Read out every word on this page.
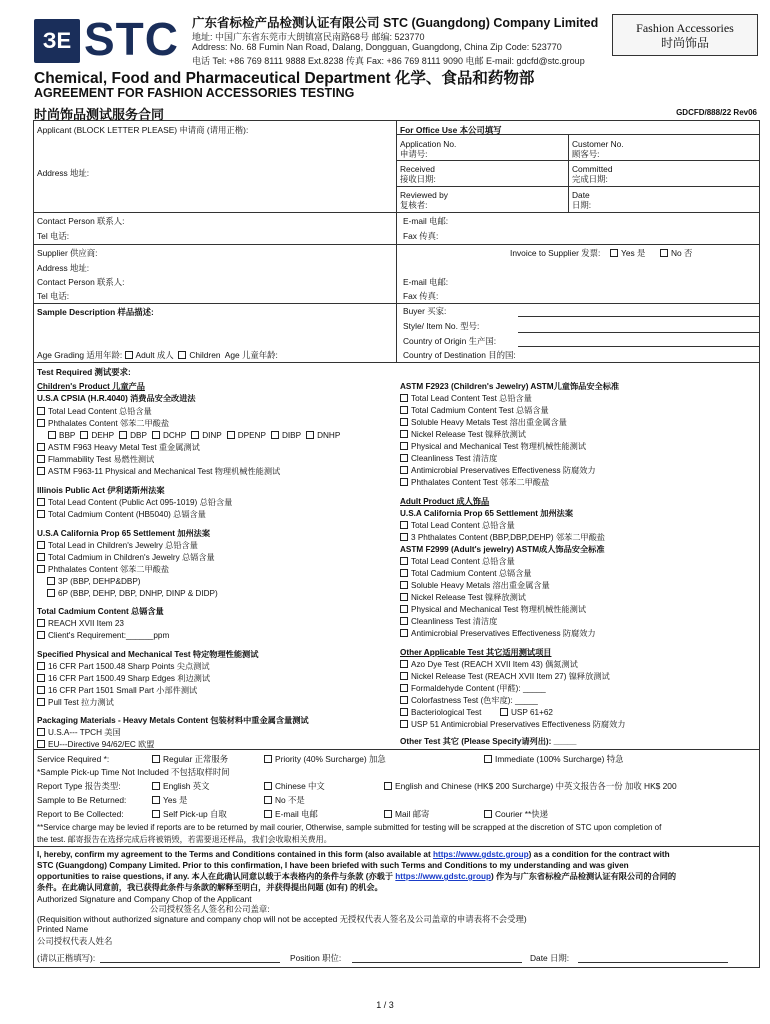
ЗЕ STC 广东省标检产品检测认证有限公司 STC (Guangdong) Company Limited
地址: 中国广东省东莞市大朗镇富民南路68号 邮编: 523770
Address: No. 68 Fumin Nan Road, Dalang, Dongguan, Guangdong, China Zip Code: 523770
电话 Tel: +86 769 8111 9888 Ext.8238 传真 Fax: +86 769 8111 9090 电邮 E-mail: gdcfd@stc.group
Fashion Accessories
时尚饰品
Chemical, Food and Pharmaceutical Department 化学、食品和药物部
AGREEMENT FOR FASHION ACCESSORIES TESTING
时尚饰品测试服务合同	GDCFD/888/22 Rev06
Applicant (BLOCK LETTER PLEASE) 申请商 (请用正楷):
Address 地址:
Contact Person 联系人:
Tel 电话:
E-mail 电邮:
Fax 传真:
Supplier 供应商:	Invoice to Supplier 发票:	Yes 是	No 否
Address 地址:
Contact Person 联系人:
Tel 电话:
E-mail 电邮:
Fax 传真:
Sample Description 样品描述:	Buyer 买家:
Style/ Item No. 型号:
Country of Origin 生产国:
Country of Destination 目的国:
Age Grading 适用年龄: Adult 成人 Children Age 儿童年龄:
For Office Use 本公司填写
Application No.
申请号:
Customer No.
顾客号:
Received
接收日期:
Committed
完成日期:
Reviewed by
复核者:
Date
日期:
Test Required 测试要求:
Children's Product 儿童产品
U.S.A CPSIA (H.R.4040) 消费品安全改进法
Total Lead Content 总铅含量
Phthalates Content 邻苯二甲酸盐
ASTM F963 Heavy Metal Test 重金属测试
Flammability Test 易燃性测试
ASTM F963-11 Physical and Mechanical Test 物理机械性能测试
Illinois Public Act 伊利诺斯州法案
Total Lead Content (Public Act 095-1019) 总铅含量
Total Cadmium Content (HB5040) 总镉含量
U.S.A California Prop 65 Settlement 加州法案
Total Lead in Children's Jewelry 总铅含量
Total Cadmium in Children's Jewelry 总镉含量
Phthalates Content 邻苯二甲酸盐
3P (BBP, DEHP&DBP)
6P (BBP, DEHP, DBP, DNHP, DINP & DIDP)
Total Cadmium Content 总镉含量
REACH XVII Item 23
Client's Requirement:______ppm
Specified Physical and Mechanical Test 特定物理性能测试
16 CFR Part 1500.48 Sharp Points 尖点测试
16 CFR Part 1500.49 Sharp Edges 利边测试
16 CFR Part 1501 Small Part 小部件测试
Pull Test 拉力测试
Packaging Materials - Heavy Metals Content 包装材料中重金属含量测试
U.S.A--- TPCH 美国
EU---Directive 94/62/EC 欧盟
ASTM F2923 (Children's Jewelry) ASTM儿童饰品安全标准
Total Lead Content Test 总铅含量
Total Cadmium Content Test 总镉含量
Soluble Heavy Metals Test 溶出重金属含量
Nickel Release Test 镍释放测试
Physical and Mechanical Test 物理机械性能测试
Cleanliness Test 清洁度
Antimicrobial Preservatives Effectiveness 防腐效力
Phthalates Content Test 邻苯二甲酸盐
Adult Product 成人饰品
U.S.A California Prop 65 Settlement 加州法案
Total Lead Content 总铅含量
3 Phthalates Content (BBP,DBP,DEHP) 邻苯二甲酸盐
ASTM F2999 (Adult's jewelry) ASTM成人饰品安全标准
Total Lead Content 总铅含量
Total Cadmium Content 总镉含量
Soluble Heavy Metals 溶出重金属含量
Nickel Release Test 镍释放测试
Physical and Mechanical Test 物理机械性能测试
Cleanliness Test 清洁度
Antimicrobial Preservatives Effectiveness 防腐效力
Other Applicable Test 其它适用测试项目
Azo Dye Test (REACH XVII Item 43) 偶氮测试
Nickel Release Test (REACH XVII Item 27) 镍释放测试
Formaldehyde Content (甲醛): _____
Colorfastness Test (色牢度): _____
Bacteriological Test
USP 51 Antimicrobial Preservatives Effectiveness 防腐效力
Other Test 其它 (Please Specify请列出): _____
BBP DEHP DBP DCHP DINP DPENP DIBP DNHP
USP 61+62
Service Required *:	Regular 正常服务	Priority (40% Surcharge) 加急	Immediate (100% Surcharge) 特急
*Sample Pick-up Time Not Included 不包括取样时间
Report Type 报告类型:	English 英文	Chinese 中文	English and Chinese (HK$ 200 Surcharge) 中英文报告各一份 加收 HK$ 200
Sample to Be Returned:	Yes 是	No 不是
Report to Be Collected:	Self Pick-up 自取	E-mail 电邮	Mail 邮寄	Courier **快递
**Service charge may be levied if reports are to be returned by mail courier, Otherwise, sample submitted for testing will be scrapped at the discretion of STC upon completion of
the test. 邮寄报告在选择完成后将被销毁，若需要退还样品，我们会收取相关费用。
I, hereby, confirm my agreement to the Terms and Conditions contained in this form (also available at https://www.gdstc.group) as a condition for the contract with
STC (Guangdong) Company Limited. Prior to this confirmation, I have been briefed with such Terms and Conditions to my understanding and was given
opportunities to raise questions, if any. 本人在此确认同意以载于本表格内的条件与条款 (亦载于 https://www.gdstc.group) 作为与广东省标检产品检测认证有限公司的合同的
条件。在此确认同意前，我已获得此条件与条款的解释至明白，并获得提出问题 (如有) 的机会。
Authorized Signature and Company Chop of the Applicant
公司授权签名人签名和公司盖章:
(Requisition without authorized signature and company chop will not be accepted 无授权代表人签名及公司盖章的申请表将不会受理)
Printed Name
公司授权代表人姓名
(请以正楷填写):	Position 职位:	Date 日期:
1 / 3
